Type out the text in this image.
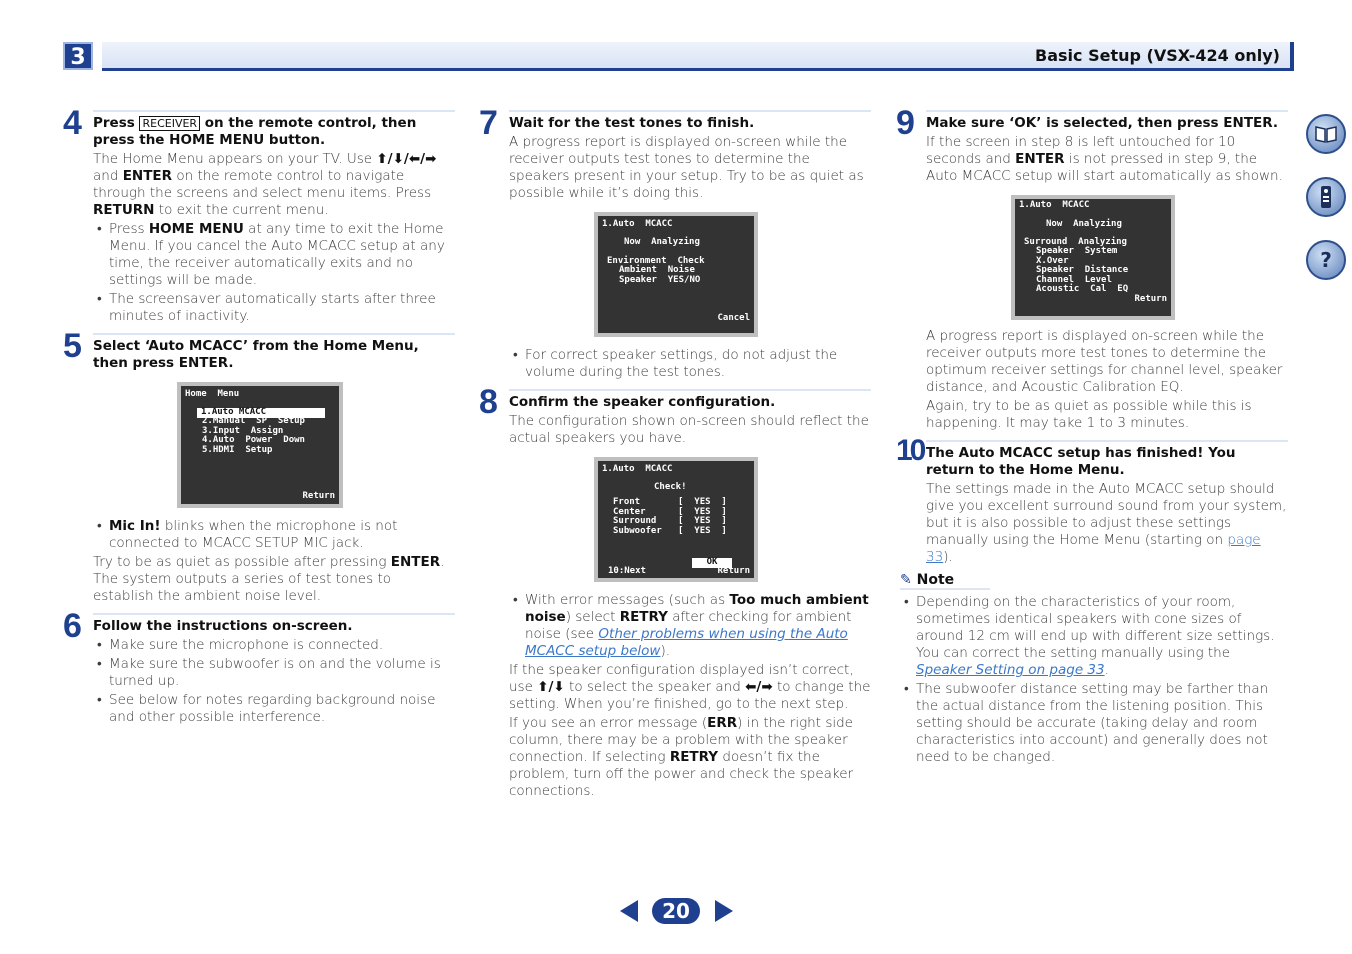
3	Basic Setup (VSX-424 only)
4 Press RECEIVER on the remote control, then press the HOME MENU button.

The Home Menu appears on your TV. Use ⬆/⬇/⬅/➡ and ENTER on the remote control to navigate through the screens and select menu items. Press RETURN to exit the current menu.

• Press HOME MENU at any time to exit the Home Menu. If you cancel the Auto MCACC setup at any time, the receiver automatically exits and no settings will be made.
• The screensaver automatically starts after three minutes of inactivity.
5 Select ‘Auto MCACC’ from the Home Menu, then press ENTER.
Home  Menu
1.Auto MCACC
2.Manual  SP  Setup
3.Input  Assign
4.Auto  Power  Down
5.HDMI  Setup
Return
• Mic In! blinks when the microphone is not connected to MCACC SETUP MIC jack.

Try to be as quiet as possible after pressing ENTER. The system outputs a series of test tones to establish the ambient noise level.

6 Follow the instructions on-screen.
• Make sure the microphone is connected.
• Make sure the subwoofer is on and the volume is turned up.
• See below for notes regarding background noise and other possible interference.
7 Wait for the test tones to finish.

A progress report is displayed on-screen while the receiver outputs test tones to determine the speakers present in your setup. Try to be as quiet as possible while it’s doing this.

1.Auto  MCACC
Now  Analyzing
Environment  Check
Ambient  Noise
Speaker  YES/NO
Cancel
• For correct speaker settings, do not adjust the volume during the test tones.
8 Confirm the speaker configuration.

The configuration shown on-screen should reflect the actual speakers you have.

1.Auto  MCACC
Check!
Front       [  YES  ]
Center      [  YES  ]
Surround    [  YES  ]
Subwoofer   [  YES  ]
OK
10:Next	Return
• With error messages (such as Too much ambient noise) select RETRY after checking for ambient noise (see Other problems when using the Auto MCACC setup below).

If the speaker configuration displayed isn’t correct, use ⬆/⬇ to select the speaker and ⬅/➡ to change the setting. When you’re finished, go to the next step.

If you see an error message (ERR) in the right side column, there may be a problem with the speaker connection. If selecting RETRY doesn’t fix the problem, turn off the power and check the speaker connections.

9 Make sure ‘OK’ is selected, then press ENTER.

If the screen in step 8 is left untouched for 10 seconds and ENTER is not pressed in step 9, the Auto MCACC setup will start automatically as shown.

1.Auto  MCACC
Now  Analyzing
Surround  Analyzing
Speaker  System
X.Over
Speaker  Distance
Channel  Level
Acoustic  Cal  EQ
Return

A progress report is displayed on-screen while the receiver outputs more test tones to determine the optimum receiver settings for channel level, speaker distance, and Acoustic Calibration EQ.

Again, try to be as quiet as possible while this is happening. It may take 1 to 3 minutes.

10 The Auto MCACC setup has finished! You return to the Home Menu.

The settings made in the Auto MCACC setup should give you excellent surround sound from your system, but it is also possible to adjust these settings manually using the Home Menu (starting on page 33).

✎ Note
• Depending on the characteristics of your room, sometimes identical speakers with cone sizes of around 12 cm will end up with different size settings. You can correct the setting manually using the Speaker Setting on page 33.
• The subwoofer distance setting may be farther than the actual distance from the listening position. This setting should be accurate (taking delay and room characteristics into account) and generally does not need to be changed.
?
20
